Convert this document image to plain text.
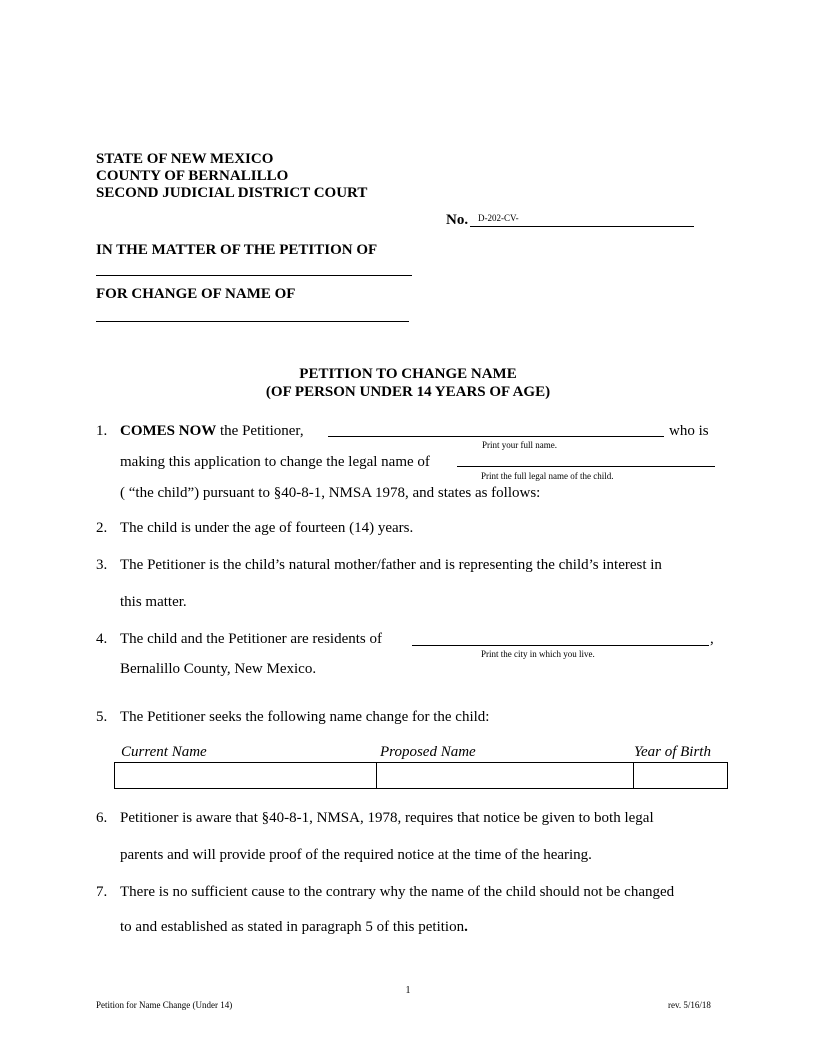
STATE OF NEW MEXICO
COUNTY OF BERNALILLO
SECOND JUDICIAL DISTRICT COURT
No. D-202-CV-
IN THE MATTER OF THE PETITION OF
FOR CHANGE OF NAME OF
PETITION TO CHANGE NAME
(OF PERSON UNDER 14 YEARS OF AGE)
1. COMES NOW the Petitioner,	who is
Print your full name.
making this application to change the legal name of
Print the full legal name of the child.
( “the child”) pursuant to §40-8-1, NMSA 1978, and states as follows:
2. The child is under the age of fourteen (14) years.
3. The Petitioner is the child’s natural mother/father and is representing the child’s interest in
this matter.
4. The child and the Petitioner are residents of	,
Print the city in which you live.
Bernalillo County, New Mexico.
5. The Petitioner seeks the following name change for the child:
Current Name	Proposed Name	Year of Birth
6. Petitioner is aware that §40-8-1, NMSA, 1978, requires that notice be given to both legal
parents and will provide proof of the required notice at the time of the hearing.
7. There is no sufficient cause to the contrary why the name of the child should not be changed
to and established as stated in paragraph 5 of this petition.
1
Petition for Name Change (Under 14)	rev. 5/16/18
